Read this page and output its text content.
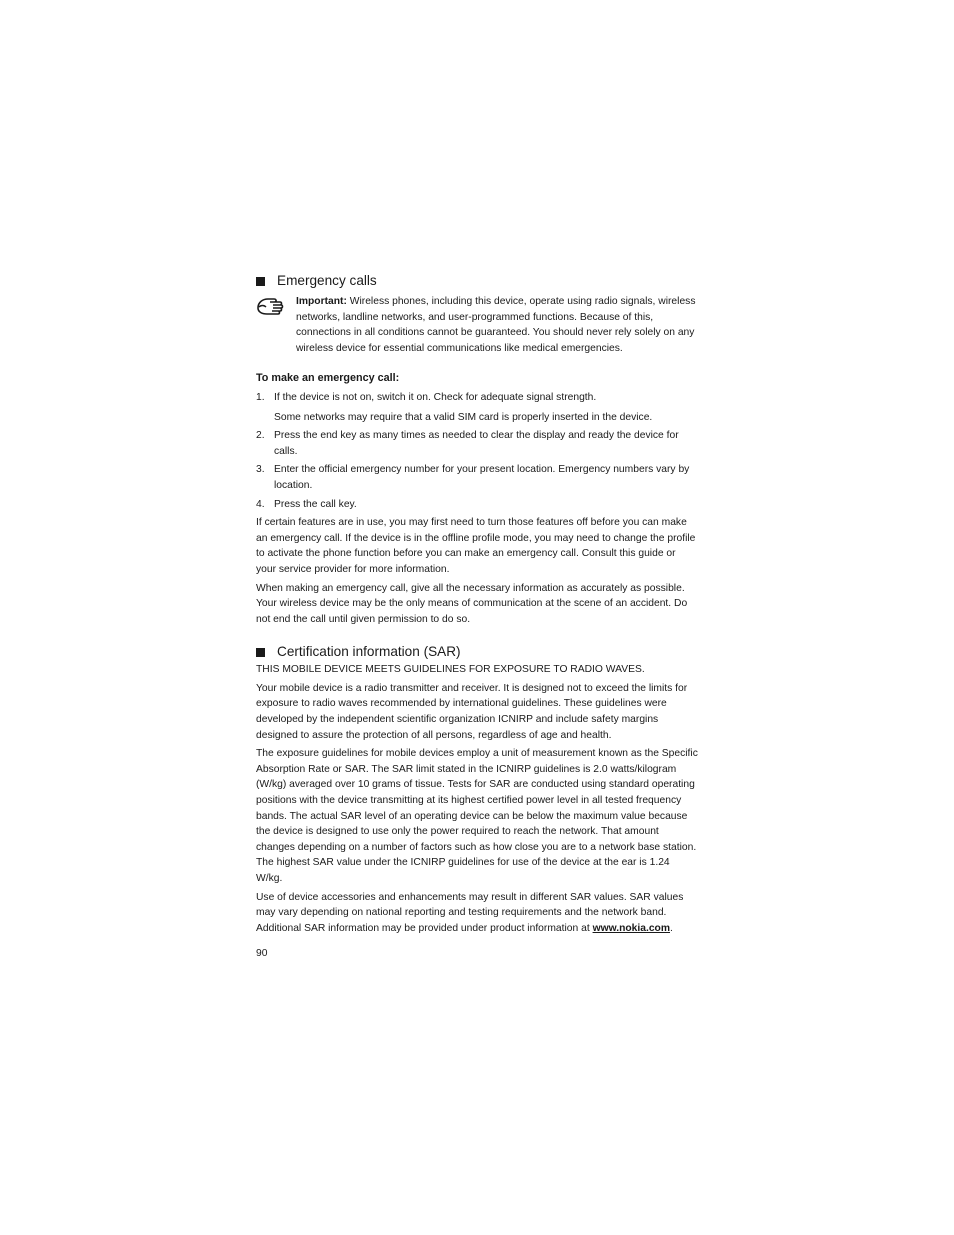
Emergency calls
Important: Wireless phones, including this device, operate using radio signals, wireless networks, landline networks, and user-programmed functions. Because of this, connections in all conditions cannot be guaranteed. You should never rely solely on any wireless device for essential communications like medical emergencies.
To make an emergency call:
1. If the device is not on, switch it on. Check for adequate signal strength.
Some networks may require that a valid SIM card is properly inserted in the device.
2. Press the end key as many times as needed to clear the display and ready the device for calls.
3. Enter the official emergency number for your present location. Emergency numbers vary by location.
4. Press the call key.

If certain features are in use, you may first need to turn those features off before you can make an emergency call. If the device is in the offline profile mode, you may need to change the profile to activate the phone function before you can make an emergency call. Consult this guide or your service provider for more information.

When making an emergency call, give all the necessary information as accurately as possible. Your wireless device may be the only means of communication at the scene of an accident. Do not end the call until given permission to do so.

Certification information (SAR)

THIS MOBILE DEVICE MEETS GUIDELINES FOR EXPOSURE TO RADIO WAVES.

Your mobile device is a radio transmitter and receiver. It is designed not to exceed the limits for exposure to radio waves recommended by international guidelines. These guidelines were developed by the independent scientific organization ICNIRP and include safety margins designed to assure the protection of all persons, regardless of age and health.

The exposure guidelines for mobile devices employ a unit of measurement known as the Specific Absorption Rate or SAR. The SAR limit stated in the ICNIRP guidelines is 2.0 watts/kilogram (W/kg) averaged over 10 grams of tissue. Tests for SAR are conducted using standard operating positions with the device transmitting at its highest certified power level in all tested frequency bands. The actual SAR level of an operating device can be below the maximum value because the device is designed to use only the power required to reach the network. That amount changes depending on a number of factors such as how close you are to a network base station. The highest SAR value under the ICNIRP guidelines for use of the device at the ear is 1.24 W/kg.

Use of device accessories and enhancements may result in different SAR values. SAR values may vary depending on national reporting and testing requirements and the network band. Additional SAR information may be provided under product information at www.nokia.com.

90
